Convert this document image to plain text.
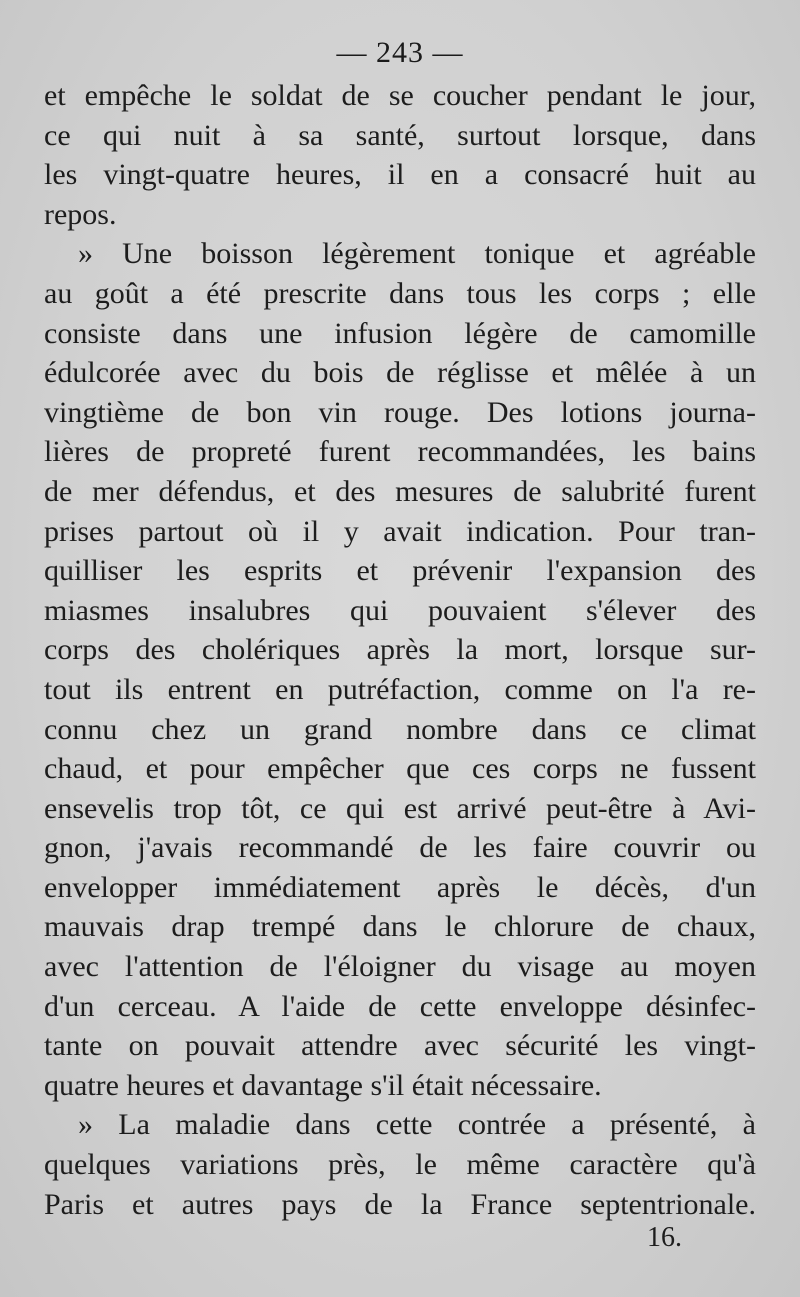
— 243 —
et empêche le soldat de se coucher pendant le jour,
ce qui nuit à sa santé, surtout lorsque, dans
les vingt-quatre heures, il en a consacré huit au
repos.
» Une boisson légèrement tonique et agréable
au goût a été prescrite dans tous les corps ; elle
consiste dans une infusion légère de camomille
édulcorée avec du bois de réglisse et mêlée à un
vingtième de bon vin rouge. Des lotions journa-
lières de propreté furent recommandées, les bains
de mer défendus, et des mesures de salubrité furent
prises partout où il y avait indication. Pour tran-
quilliser les esprits et prévenir l'expansion des
miasmes insalubres qui pouvaient s'élever des
corps des cholériques après la mort, lorsque sur-
tout ils entrent en putréfaction, comme on l'a re-
connu chez un grand nombre dans ce climat
chaud, et pour empêcher que ces corps ne fussent
ensevelis trop tôt, ce qui est arrivé peut-être à Avi-
gnon, j'avais recommandé de les faire couvrir ou
envelopper immédiatement après le décès, d'un
mauvais drap trempé dans le chlorure de chaux,
avec l'attention de l'éloigner du visage au moyen
d'un cerceau. A l'aide de cette enveloppe désinfec-
tante on pouvait attendre avec sécurité les vingt-
quatre heures et davantage s'il était nécessaire.
» La maladie dans cette contrée a présenté, à
quelques variations près, le même caractère qu'à
Paris et autres pays de la France septentrionale.
16.
